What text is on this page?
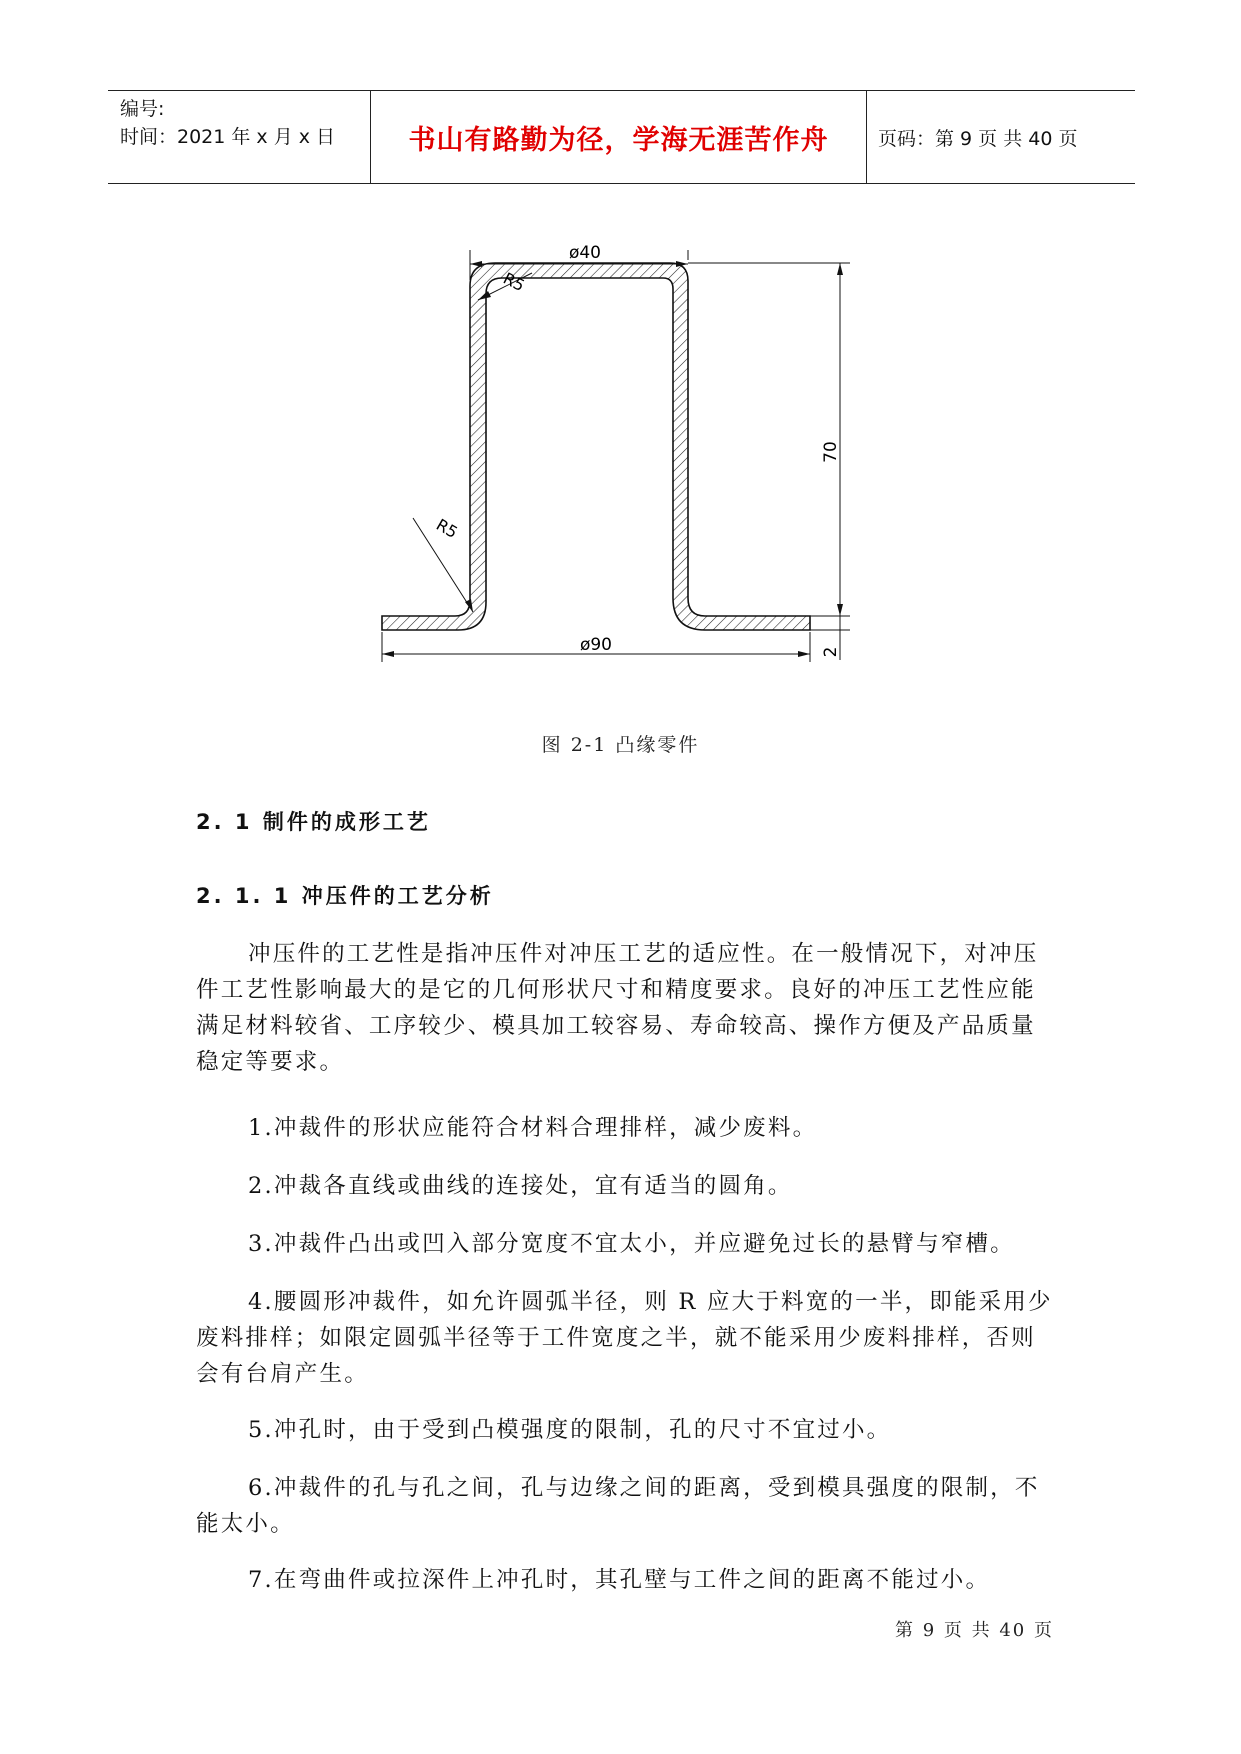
编号:
时间：2021 年 x 月 x 日	书山有路勤为径，学海无涯苦作舟	页码：第 9 页 共 40 页
ø40
70
2
ø90
R5
R5
图 2-1 凸缘零件
2. 1 制件的成形工艺
2. 1. 1 冲压件的工艺分析

冲压件的工艺性是指冲压件对冲压工艺的适应性。在一般情况下，对冲压件工艺性影响最大的是它的几何形状尺寸和精度要求。良好的冲压工艺性应能满足材料较省、工序较少、模具加工较容易、寿命较高、操作方便及产品质量稳定等要求。

1.冲裁件的形状应能符合材料合理排样，减少废料。

2.冲裁各直线或曲线的连接处，宜有适当的圆角。

3.冲裁件凸出或凹入部分宽度不宜太小，并应避免过长的悬臂与窄槽。

4.腰圆形冲裁件，如允许圆弧半径，则 R 应大于料宽的一半，即能采用少废料排样；如限定圆弧半径等于工件宽度之半，就不能采用少废料排样，否则会有台肩产生。

5.冲孔时，由于受到凸模强度的限制，孔的尺寸不宜过小。

6.冲裁件的孔与孔之间，孔与边缘之间的距离，受到模具强度的限制，不能太小。

7.在弯曲件或拉深件上冲孔时，其孔壁与工件之间的距离不能过小。

第 9 页 共 40 页
